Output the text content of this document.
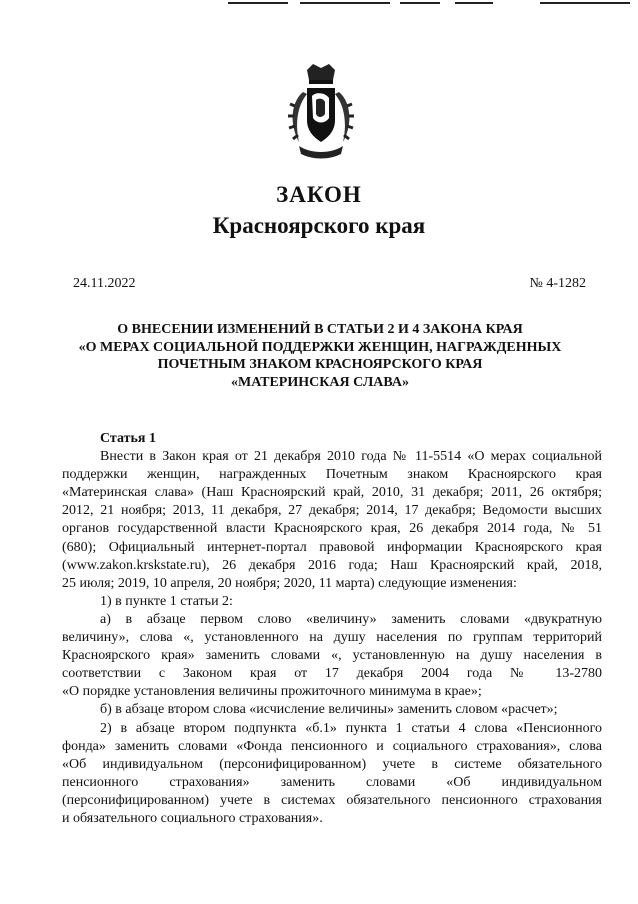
ЗАКОН
Красноярского края
24.11.2022	№ 4-1282
О ВНЕСЕНИИ ИЗМЕНЕНИЙ В СТАТЬИ 2 И 4 ЗАКОНА КРАЯ
«О МЕРАХ СОЦИАЛЬНОЙ ПОДДЕРЖКИ ЖЕНЩИН, НАГРАЖДЕННЫХ
ПОЧЕТНЫМ ЗНАКОМ КРАСНОЯРСКОГО КРАЯ
«МАТЕРИНСКАЯ СЛАВА»
Статья 1
Внести в Закон края от 21 декабря 2010 года № 11-5514 «О мерах социальной
поддержки женщин, награжденных Почетным знаком Красноярского края
«Материнская слава» (Наш Красноярский край, 2010, 31 декабря; 2011, 26 октября;
2012, 21 ноября; 2013, 11 декабря, 27 декабря; 2014, 17 декабря; Ведомости высших
органов государственной власти Красноярского края, 26 декабря 2014 года, № 51
(680); Официальный интернет-портал правовой информации Красноярского края
(www.zakon.krskstate.ru), 26 декабря 2016 года; Наш Красноярский край, 2018,
25 июля; 2019, 10 апреля, 20 ноября; 2020, 11 марта) следующие изменения:
1) в пункте 1 статьи 2:
а) в абзаце первом слово «величину» заменить словами «двукратную
величину», слова «, установленного на душу населения по группам территорий
Красноярского края» заменить словами «, установленную на душу населения в
соответствии с Законом края от 17 декабря 2004 года № 13-2780
«О порядке установления величины прожиточного минимума в крае»;
б) в абзаце втором слова «исчисление величины» заменить словом «расчет»;
2) в абзаце втором подпункта «б.1» пункта 1 статьи 4 слова «Пенсионного
фонда» заменить словами «Фонда пенсионного и социального страхования», слова
«Об индивидуальном (персонифицированном) учете в системе обязательного
пенсионного страхования» заменить словами «Об индивидуальном
(персонифицированном) учете в системах обязательного пенсионного страхования
и обязательного социального страхования».
